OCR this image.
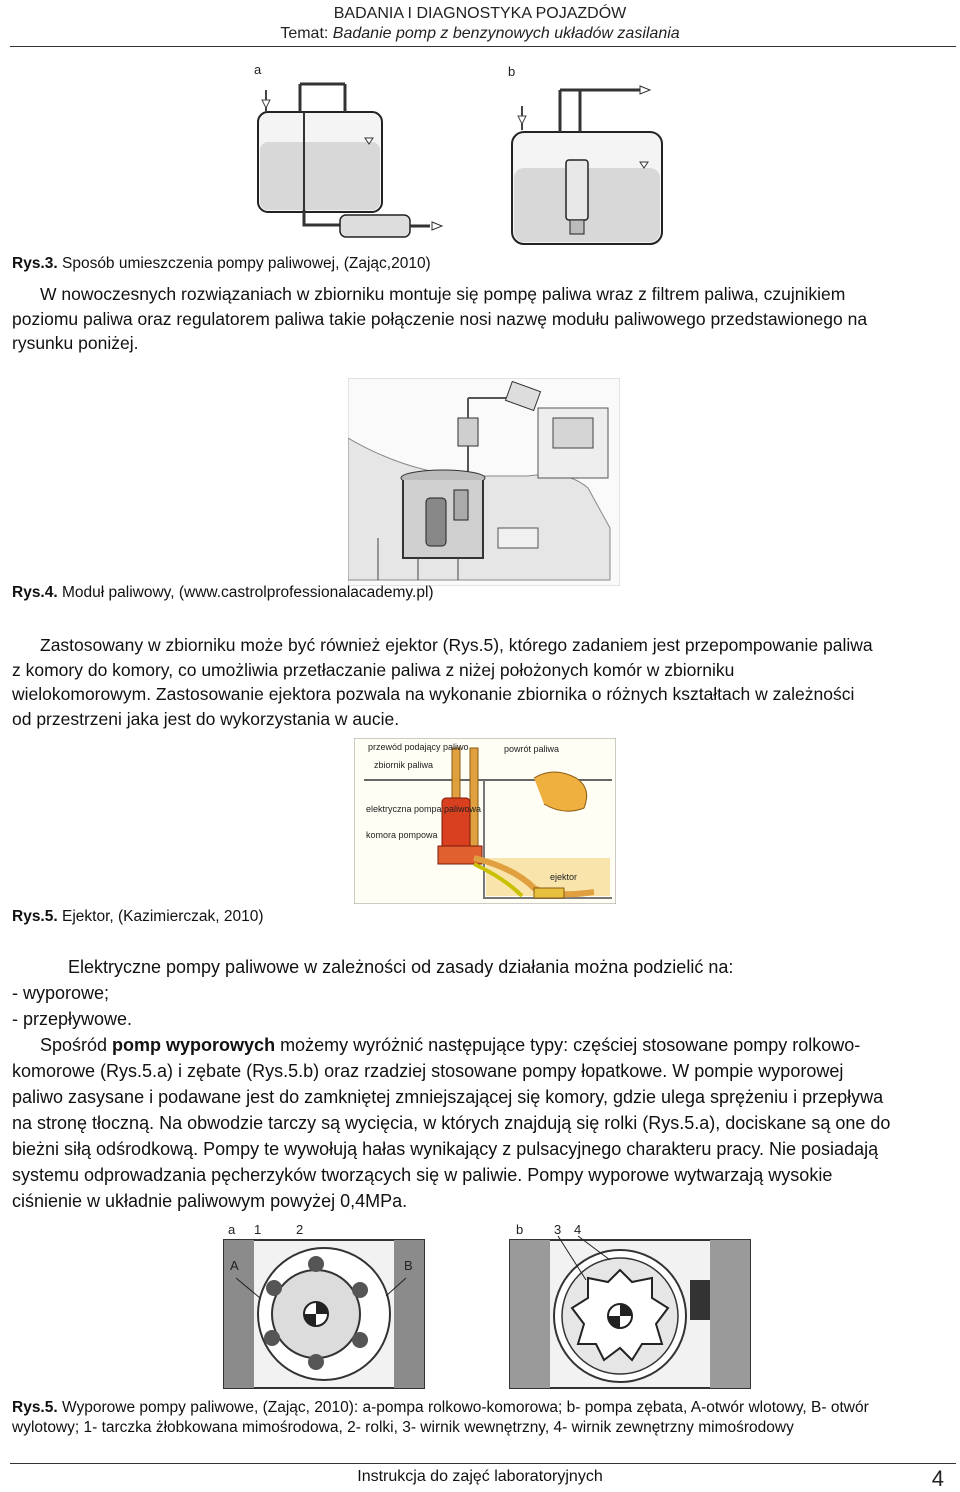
BADANIA I DIAGNOSTYKA POJAZDÓW
Temat: Badanie pomp z benzynowych układów zasilania
a	b
Rys.3. Sposób umieszczenia pompy paliwowej, (Zając,2010)
W nowoczesnych rozwiązaniach w zbiorniku montuje się pompę paliwa wraz z filtrem paliwa, czujnikiem
poziomu paliwa oraz regulatorem paliwa takie połączenie nosi nazwę modułu paliwowego przedstawionego na
rysunku poniżej.
Rys.4. Moduł paliwowy, (www.castrolprofessionalacademy.pl)
Zastosowany w zbiorniku może być również ejektor (Rys.5), którego zadaniem jest przepompowanie paliwa
z komory do komory, co umożliwia przetłaczanie paliwa z niżej położonych komór w zbiorniku
wielokomorowym. Zastosowanie ejektora pozwala na wykonanie zbiornika o różnych kształtach w zależności
od przestrzeni jaka jest do wykorzystania w aucie.
przewód podający paliwo	powrót paliwa
zbiornik paliwa
elektryczna pompa paliwowa
komora pompowa
ejektor
Rys.5. Ejektor, (Kazimierczak, 2010)
Elektryczne pompy paliwowe w zależności od zasady działania można podzielić na:
- wyporowe;
- przepływowe.
Spośród pomp wyporowych możemy wyróżnić następujące typy: częściej stosowane pompy rolkowo-
komorowe (Rys.5.a) i zębate (Rys.5.b) oraz rzadziej stosowane pompy łopatkowe. W pompie wyporowej
paliwo zasysane i podawane jest do zamkniętej zmniejszającej się komory, gdzie ulega sprężeniu i przepływa
na stronę tłoczną. Na obwodzie tarczy są wycięcia, w których znajdują się rolki (Rys.5.a), dociskane są one do
bieżni siłą odśrodkową. Pompy te wywołują hałas wynikający z pulsacyjnego charakteru pracy. Nie posiadają
systemu odprowadzania pęcherzyków tworzących się w paliwie. Pompy wyporowe wytwarzają wysokie
ciśnienie w układnie paliwowym powyżej 0,4MPa.
a 1	2
A	B
b 3 4
Rys.5. Wyporowe pompy paliwowe, (Zając, 2010): a-pompa rolkowo-komorowa; b- pompa zębata, A-otwór wlotowy, B- otwór
wylotowy; 1- tarczka żłobkowana mimośrodowa, 2- rolki, 3- wirnik wewnętrzny, 4- wirnik zewnętrzny mimośrodowy
Instrukcja do zajęć laboratoryjnych	4
